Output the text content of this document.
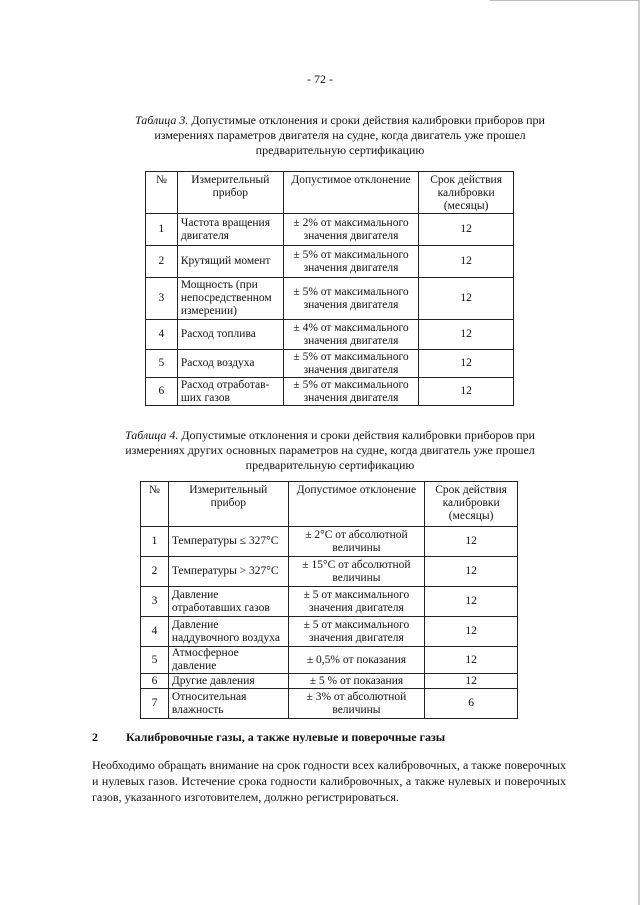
- 72 -
Таблица 3. Допустимые отклонения и сроки действия калибровки приборов при измерениях параметров двигателя на судне, когда двигатель уже прошел предварительную сертификацию
№	Измерительный прибор	Допустимое отклонение	Срок действия калибровки (месяцы)
1	Частота вращения двигателя	± 2% от максимального значения двигателя	12
2	Крутящий момент	± 5% от максимального значения двигателя	12
3	Мощность (при непосредственном измерении)	± 5% от максимального значения двигателя	12
4	Расход топлива	± 4% от максимального значения двигателя	12
5	Расход воздуха	± 5% от максимального значения двигателя	12
6	Расход отработав-ших газов	± 5% от максимального значения двигателя	12
Таблица 4. Допустимые отклонения и сроки действия калибровки приборов при измерениях других основных параметров на судне, когда двигатель уже прошел предварительную сертификацию
№	Измерительный прибор	Допустимое отклонение	Срок действия калибровки (месяцы)
1	Температуры ≤ 327°C	± 2°C от абсолютной величины	12
2	Температуры > 327°C	± 15°C от абсолютной величины	12
3	Давление отработавших газов	± 5 от максимального значения двигателя	12
4	Давление наддувочного воздуха	± 5 от максимального значения двигателя	12
5	Атмосферное давление	± 0,5% от показания	12
6	Другие давления	± 5 % от показания	12
7	Относительная влажность	± 3% от абсолютной величины	6
2 Калибровочные газы, а также нулевые и поверочные газы
Необходимо обращать внимание на срок годности всех калибровочных, а также поверочных и нулевых газов. Истечение срока годности калибровочных, а также нулевых и поверочных газов, указанного изготовителем, должно регистрироваться.
